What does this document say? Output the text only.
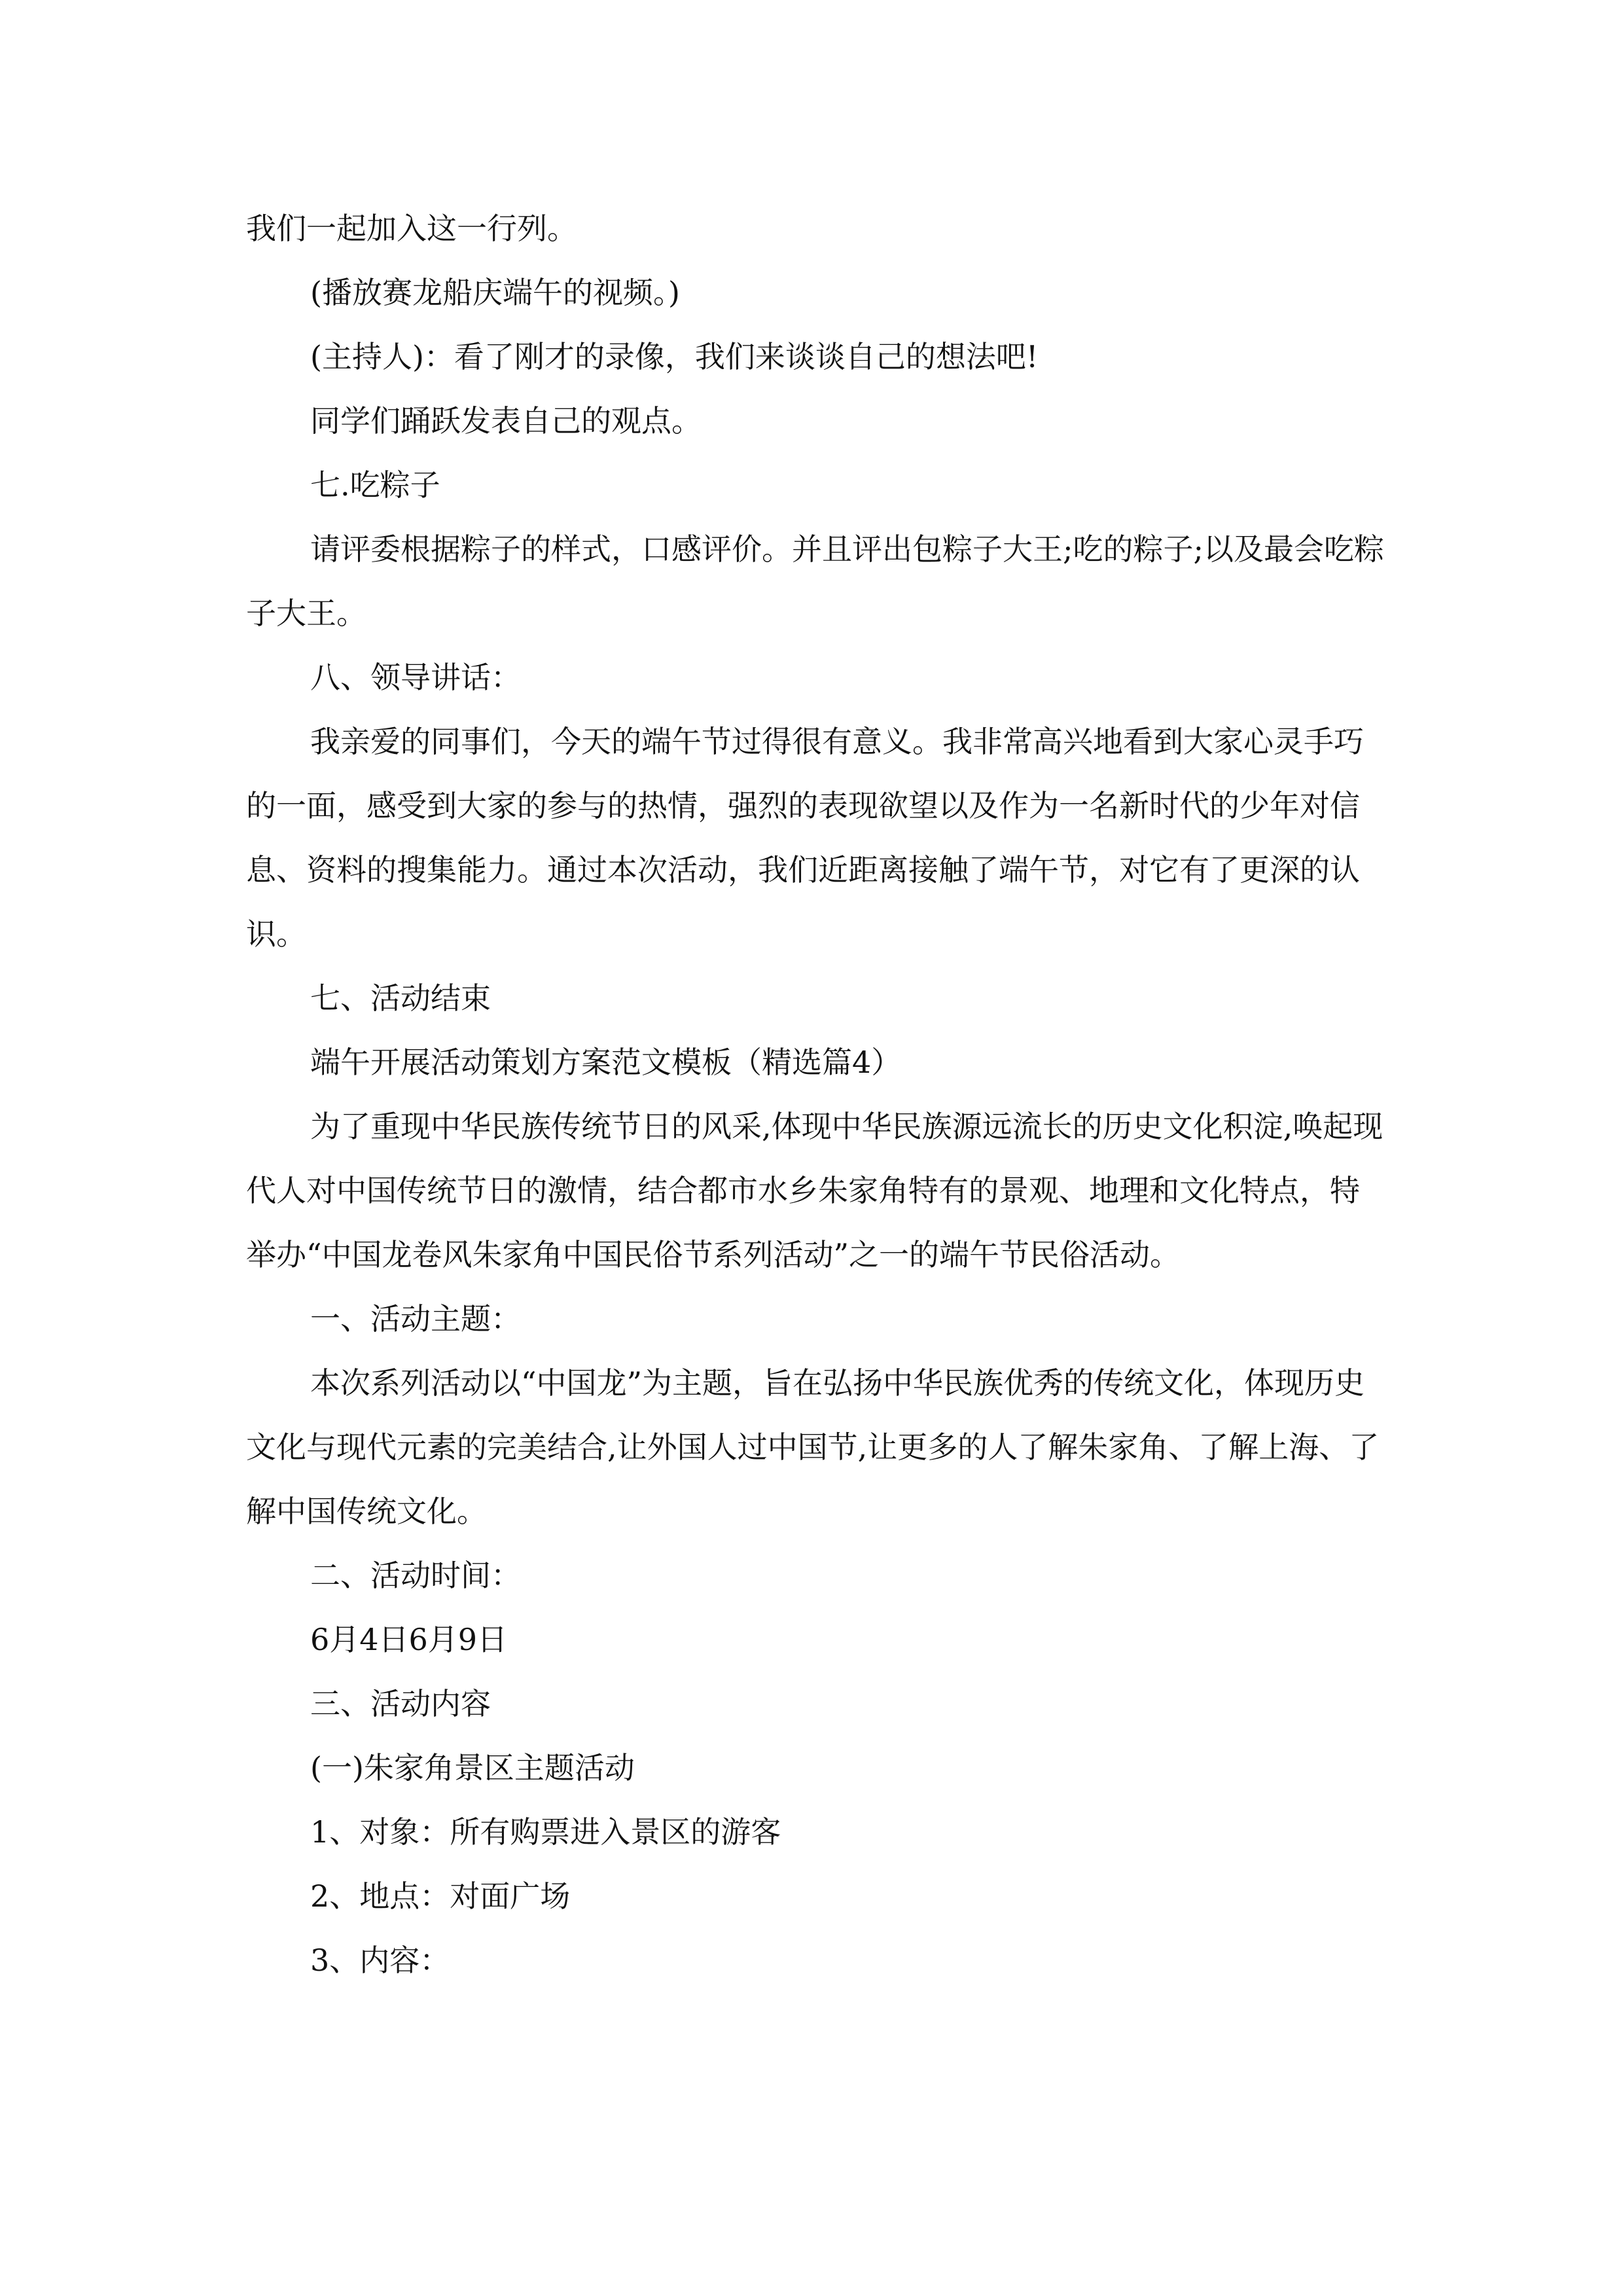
我们一起加入这一行列。

(播放赛龙船庆端午的视频。)

(主持人)：看了刚才的录像，我们来谈谈自己的想法吧!

同学们踊跃发表自己的观点。

七.吃粽子

请评委根据粽子的样式，口感评价。并且评出包粽子大王;吃的粽子;以及最会吃粽子大王。

八、领导讲话：

我亲爱的同事们，今天的端午节过得很有意义。我非常高兴地看到大家心灵手巧的一面，感受到大家的参与的热情，强烈的表现欲望以及作为一名新时代的少年对信息、资料的搜集能力。通过本次活动，我们近距离接触了端午节，对它有了更深的认识。

七、活动结束

端午开展活动策划方案范文模板（精选篇4）

为了重现中华民族传统节日的风采,体现中华民族源远流长的历史文化积淀,唤起现代人对中国传统节日的激情，结合都市水乡朱家角特有的景观、地理和文化特点，特举办“中国龙卷风朱家角中国民俗节系列活动”之一的端午节民俗活动。

一、活动主题：

本次系列活动以“中国龙”为主题，旨在弘扬中华民族优秀的传统文化，体现历史文化与现代元素的完美结合,让外国人过中国节,让更多的人了解朱家角、了解上海、了解中国传统文化。

二、活动时间：

6月4日6月9日

三、活动内容

(一)朱家角景区主题活动

1、对象：所有购票进入景区的游客

2、地点：对面广场

3、内容：
